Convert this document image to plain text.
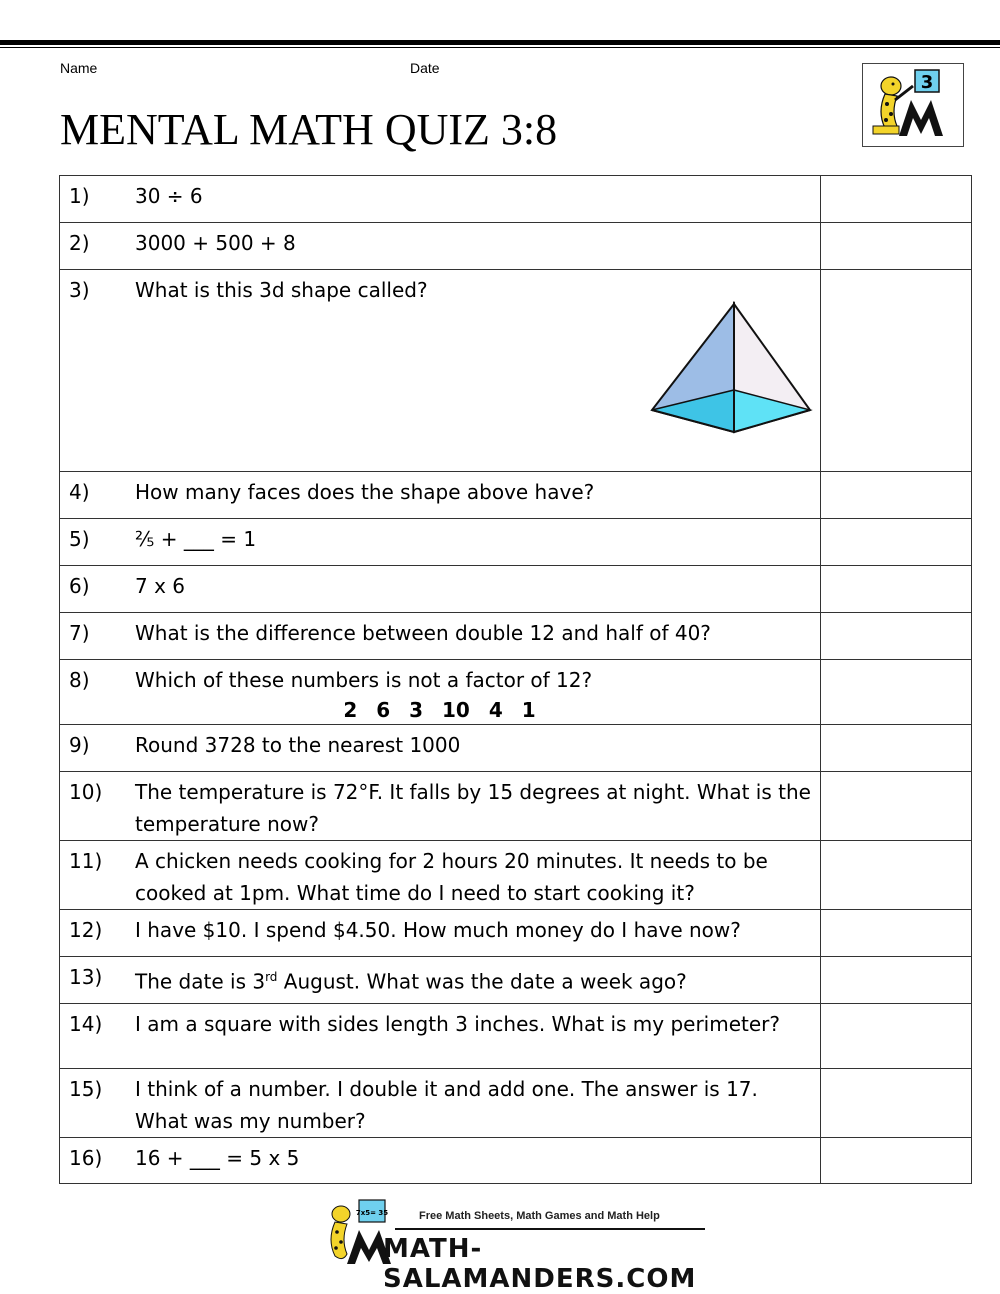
Name	Date
MENTAL MATH QUIZ 3:8
3
1) 30 ÷ 6	

2) 3000 + 500 + 8	

3) What is this 3d shape called?	

4) How many faces does the shape above have?	

5) ⅖ + ___ = 1	

6) 7 x 6	

7) What is the difference between double 12 and half of 40?	

8) Which of these numbers is not a factor of 12?
2 6 3 10 4 1	

9) Round 3728 to the nearest 1000	

10) The temperature is 72°F. It falls by 15 degrees at night. What is the temperature now?	

11) A chicken needs cooking for 2 hours 20 minutes. It needs to be cooked at 1pm. What time do I need to start cooking it?	

12) I have $10. I spend $4.50. How much money do I have now?	

13) The date is 3rd August. What was the date a week ago?	

14) I am a square with sides length 3 inches. What is my perimeter?	

15) I think of a number. I double it and add one. The answer is 17. What was my number?	

16) 16 + ___ = 5 x 5	

7x5= 35	Free Math Sheets, Math Games and Math Help
MATH-SALAMANDERS.COM
